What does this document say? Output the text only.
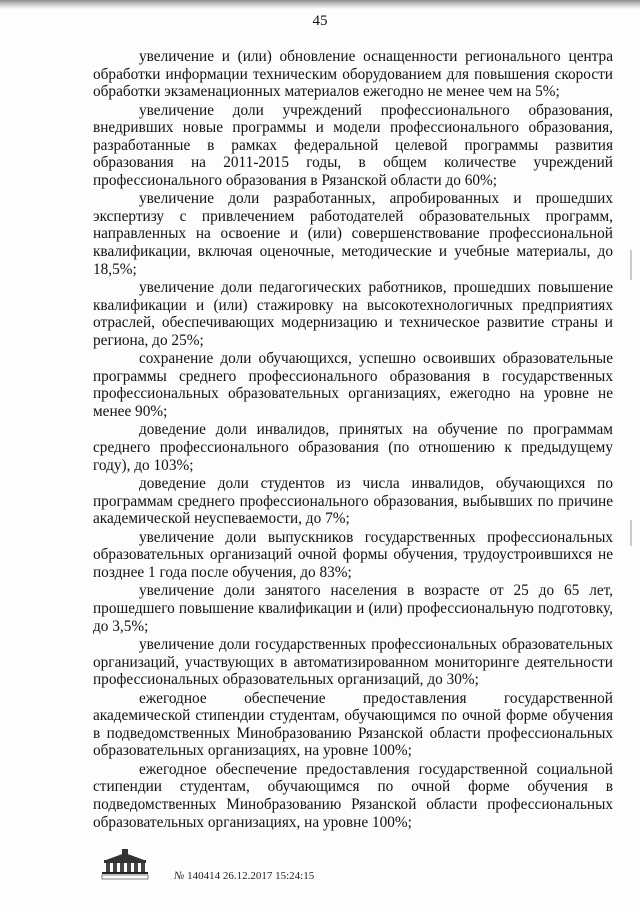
45

увеличение и (или) обновление оснащенности регионального центра обработки информации техническим оборудованием для повышения скорости обработки экзаменационных материалов ежегодно не менее чем на 5%;

увеличение доли учреждений профессионального образования, внедривших новые программы и модели профессионального образования, разработанные в рамках федеральной целевой программы развития образования на 2011-2015 годы, в общем количестве учреждений профессионального образования в Рязанской области до 60%;

увеличение доли разработанных, апробированных и прошедших экспертизу с привлечением работодателей образовательных программ, направленных на освоение и (или) совершенствование профессиональной квалификации, включая оценочные, методические и учебные материалы, до 18,5%;

увеличение доли педагогических работников, прошедших повышение квалификации и (или) стажировку на высокотехнологичных предприятиях отраслей, обеспечивающих модернизацию и техническое развитие страны и региона, до 25%;

сохранение доли обучающихся, успешно освоивших образовательные программы среднего профессионального образования в государственных профессиональных образовательных организациях, ежегодно на уровне не менее 90%;

доведение доли инвалидов, принятых на обучение по программам среднего профессионального образования (по отношению к предыдущему году), до 103%;

доведение доли студентов из числа инвалидов, обучающихся по программам среднего профессионального образования, выбывших по причине академической неуспеваемости, до 7%;

увеличение доли выпускников государственных профессиональных образовательных организаций очной формы обучения, трудоустроившихся не позднее 1 года после обучения, до 83%;

увеличение доли занятого населения в возрасте от 25 до 65 лет, прошедшего повышение квалификации и (или) профессиональную подготовку, до 3,5%;

увеличение доли государственных профессиональных образовательных организаций, участвующих в автоматизированном мониторинге деятельности профессиональных образовательных организаций, до 30%;

ежегодное обеспечение предоставления государственной академической стипендии студентам, обучающимся по очной форме обучения в подведомственных Минобразованию Рязанской области профессиональных образовательных организациях, на уровне 100%;

ежегодное обеспечение предоставления государственной социальной стипендии студентам, обучающимся по очной форме обучения в подведомственных Минобразованию Рязанской области профессиональных образовательных организациях, на уровне 100%;

№ 140414 26.12.2017 15:24:15
